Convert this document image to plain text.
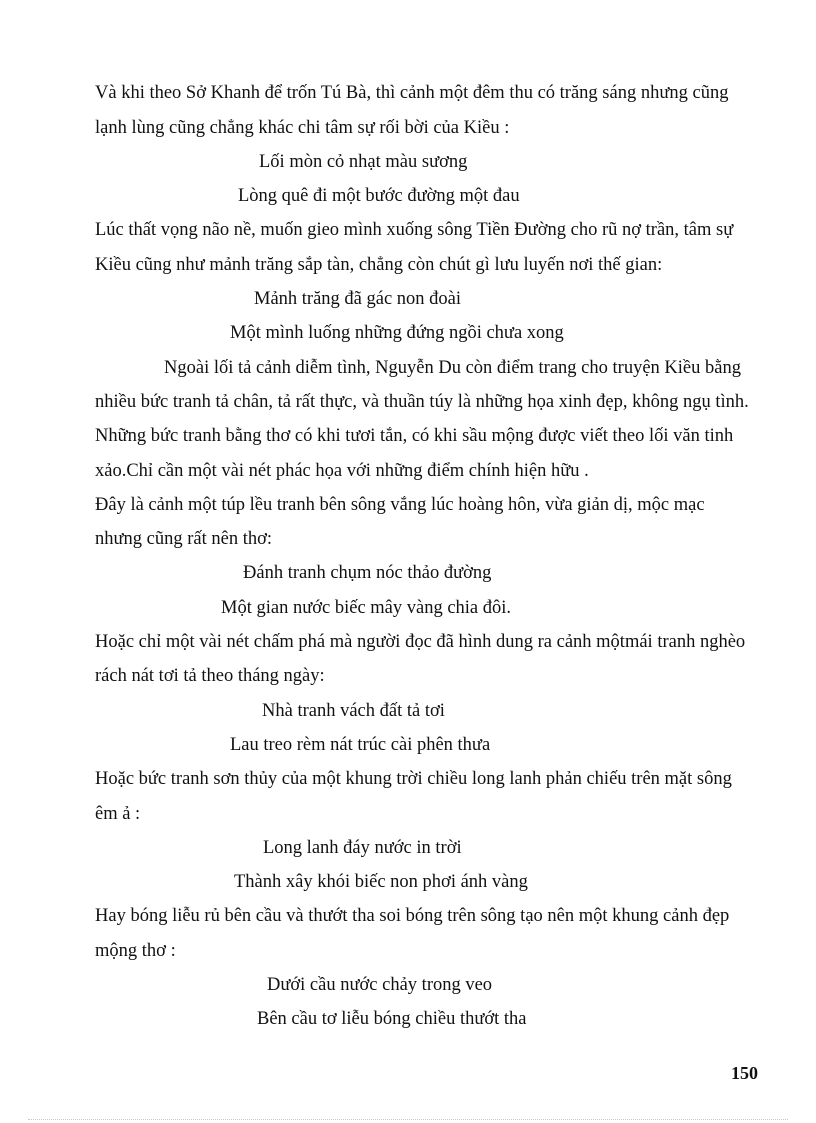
Và khi theo Sở Khanh để trốn Tú Bà, thì cảnh một đêm thu có trăng sáng nhưng cũng
lạnh lùng cũng chẳng khác chi tâm sự rối bời của Kiều :
Lối mòn cỏ nhạt màu sương
Lòng quê đi một bước đường một đau
Lúc thất vọng não nề, muốn gieo mình xuống sông Tiền Đường cho rũ nợ trần, tâm sự
Kiều cũng như mảnh trăng sắp tàn, chẳng còn chút gì lưu luyến nơi thế gian:
Mảnh trăng đã gác non đoài
Một mình luống những đứng ngồi chưa xong
Ngoài lối tả cảnh diễm tình, Nguyễn Du còn điểm trang cho truyện Kiều bằng
nhiều bức tranh tả chân, tả rất thực, và thuần túy là những họa xinh đẹp, không ngụ tình.
Những bức tranh bằng thơ có khi tươi tắn, có khi sầu mộng được viết theo lối văn tinh
xảo.Chỉ cần một vài nét phác họa với những điểm chính hiện hữu .
Đây là cảnh một túp lều tranh bên sông vắng lúc hoàng hôn, vừa giản dị, mộc mạc
nhưng cũng rất nên thơ:
Đánh tranh chụm nóc thảo đường
Một gian nước biếc mây vàng chia đôi.
Hoặc chỉ một vài nét chấm phá mà người đọc đã hình dung ra cảnh mộtmái tranh nghèo
rách nát tơi tả theo tháng ngày:
Nhà tranh vách đất tả tơi
Lau treo rèm nát trúc cài phên thưa
Hoặc bức tranh sơn thủy của một khung trời chiều long lanh phản chiếu trên mặt sông
êm ả :
Long lanh đáy nước in trời
Thành xây khói biếc non phơi ánh vàng
Hay bóng liễu rủ bên cầu và thướt tha soi bóng trên sông tạo nên một khung cảnh đẹp
mộng thơ :
Dưới cầu nước chảy trong veo
Bên cầu tơ liễu bóng chiều thướt tha
150
